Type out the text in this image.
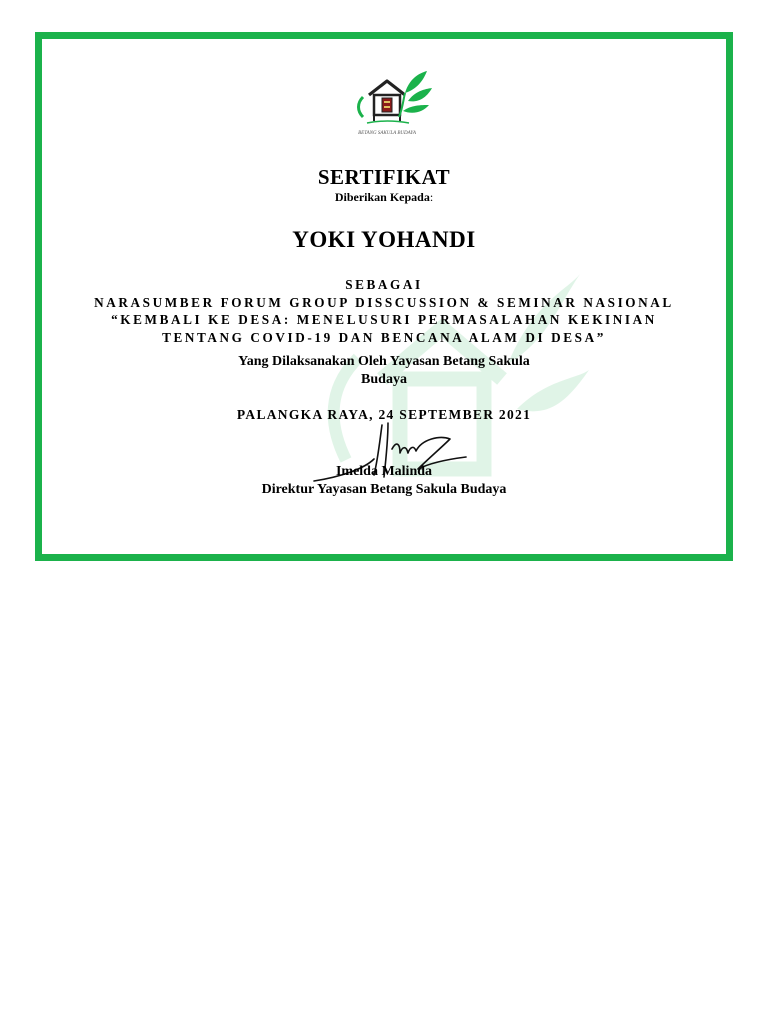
BETANG SAKULA BUDAYA
SERTIFIKAT
Diberikan Kepada:
YOKI YOHANDI
SEBAGAI
NARASUMBER FORUM GROUP DISSCUSSION & SEMINAR NASIONAL
“KEMBALI KE DESA: MENELUSURI PERMASALAHAN KEKINIAN
TENTANG COVID-19 DAN BENCANA ALAM DI DESA”
Yang Dilaksanakan Oleh Yayasan Betang Sakula
Budaya
PALANGKA RAYA, 24 SEPTEMBER 2021
Imelda Malinda
Direktur Yayasan Betang Sakula Budaya
